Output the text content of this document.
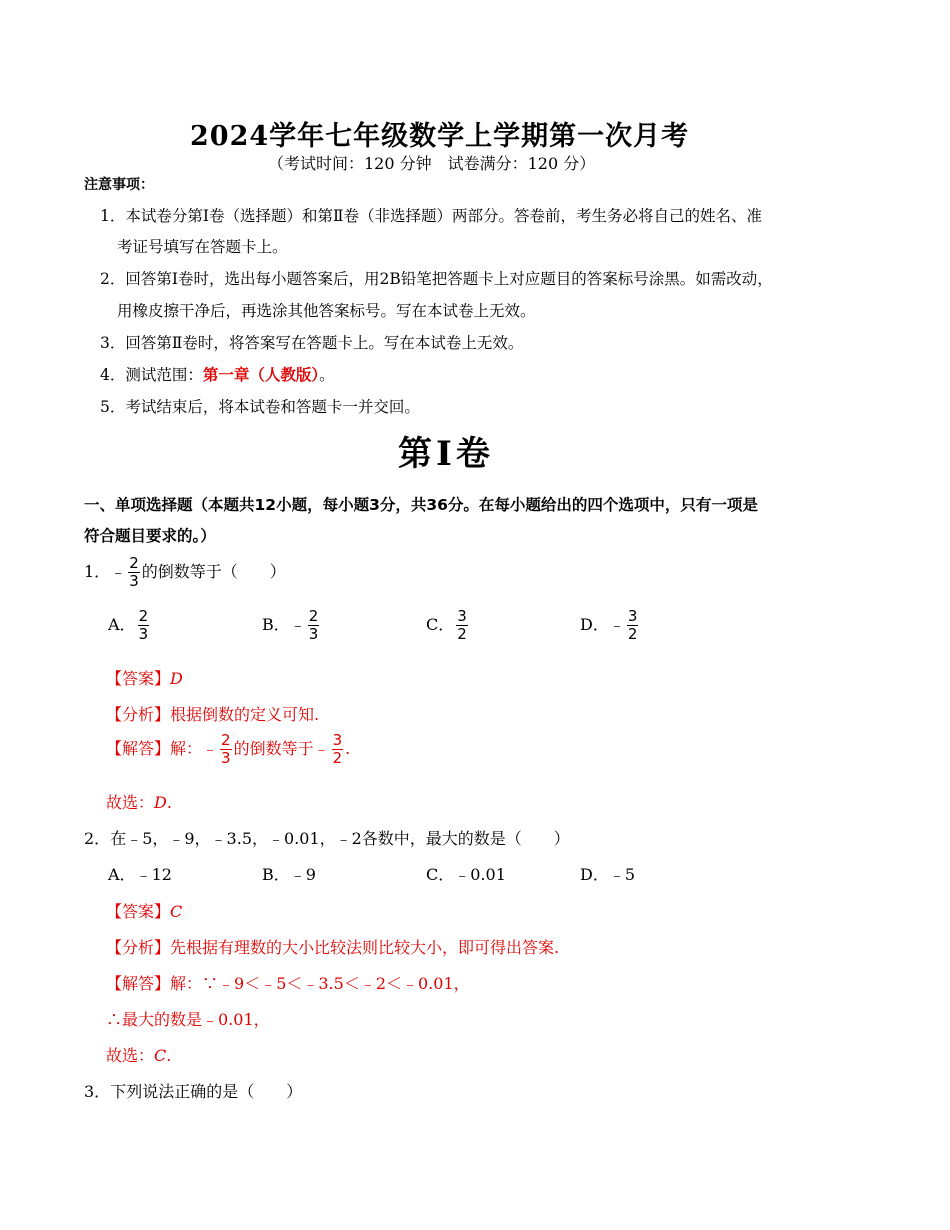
2024学年七年级数学上学期第一次月考
（考试时间：120 分钟　试卷满分：120 分）
注意事项：
1．本试卷分第Ⅰ卷（选择题）和第Ⅱ卷（非选择题）两部分。答卷前，考生务必将自己的姓名、准
考证号填写在答题卡上。
2．回答第Ⅰ卷时，选出每小题答案后，用2B铅笔把答题卡上对应题目的答案标号涂黑。如需改动，
用橡皮擦干净后，再选涂其他答案标号。写在本试卷上无效。
3．回答第Ⅱ卷时，将答案写在答题卡上。写在本试卷上无效。
4．测试范围：第一章（人教版）。
5．考试结束后，将本试卷和答题卡一并交回。
第Ⅰ卷
一、单项选择题（本题共12小题，每小题3分，共36分。在每小题给出的四个选项中，只有一项是
符合题目要求的。）
1．﹣ $\frac{2}{3}$ 的倒数等于（　　）
A． $\frac{2}{3}$	B．﹣ $\frac{2}{3}$	C． $\frac{3}{2}$	D．﹣ $\frac{3}{2}$
【答案】D
【分析】根据倒数的定义可知.
【解答】解：﹣ $\frac{2}{3}$ 的倒数等于﹣ $\frac{3}{2}$ .
故选：D.
2．在﹣5，﹣9，﹣3.5，﹣0.01，﹣2各数中，最大的数是（　　）
A．﹣12	B．﹣9	C．﹣0.01	D．﹣5
【答案】C
【分析】先根据有理数的大小比较法则比较大小，即可得出答案.
【解答】解：∵﹣9＜﹣5＜﹣3.5＜﹣2＜﹣0.01，
∴最大的数是﹣0.01，
故选：C.
3．下列说法正确的是（　　）
